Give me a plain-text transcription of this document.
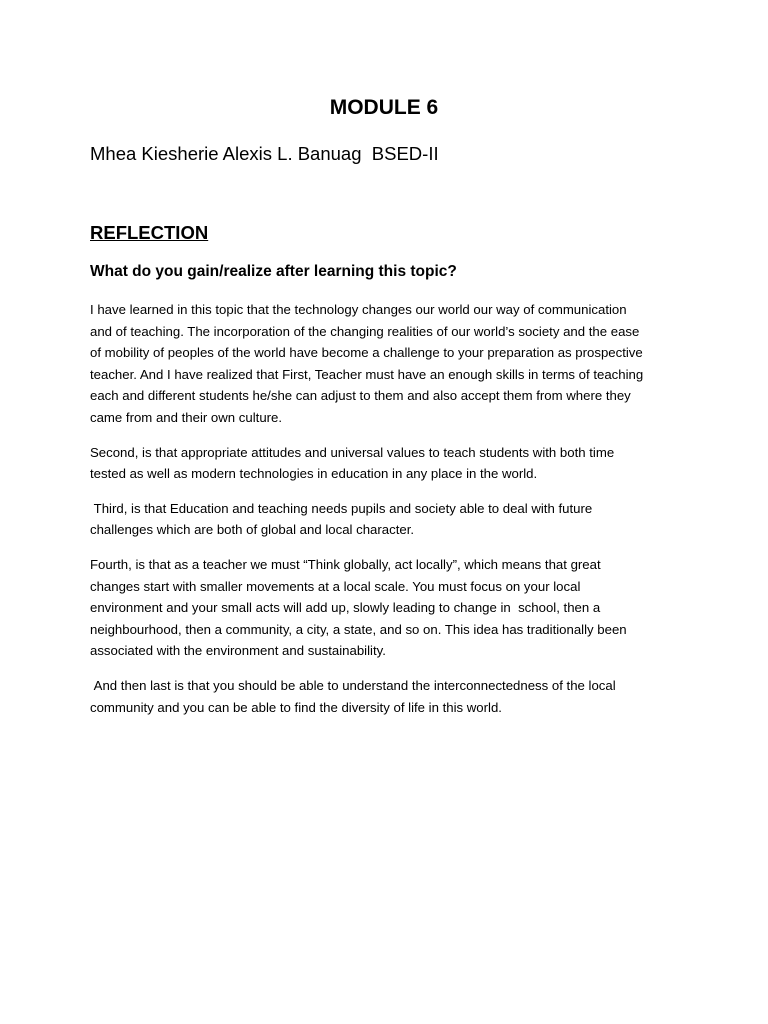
MODULE 6

Mhea Kiesherie Alexis L. Banuag  BSED-II

REFLECTION
What do you gain/realize after learning this topic?

I have learned in this topic that the technology changes our world our way of communication
and of teaching. The incorporation of the changing realities of our world’s society and the ease
of mobility of peoples of the world have become a challenge to your preparation as prospective
teacher. And I have realized that First, Teacher must have an enough skills in terms of teaching
each and different students he/she can adjust to them and also accept them from where they
came from and their own culture.

Second, is that appropriate attitudes and universal values to teach students with both time
tested as well as modern technologies in education in any place in the world.

Third, is that Education and teaching needs pupils and society able to deal with future
challenges which are both of global and local character.

Fourth, is that as a teacher we must “Think globally, act locally”, which means that great
changes start with smaller movements at a local scale. You must focus on your local
environment and your small acts will add up, slowly leading to change in  school, then a
neighbourhood, then a community, a city, a state, and so on. This idea has traditionally been
associated with the environment and sustainability.

And then last is that you should be able to understand the interconnectedness of the local
community and you can be able to find the diversity of life in this world.
